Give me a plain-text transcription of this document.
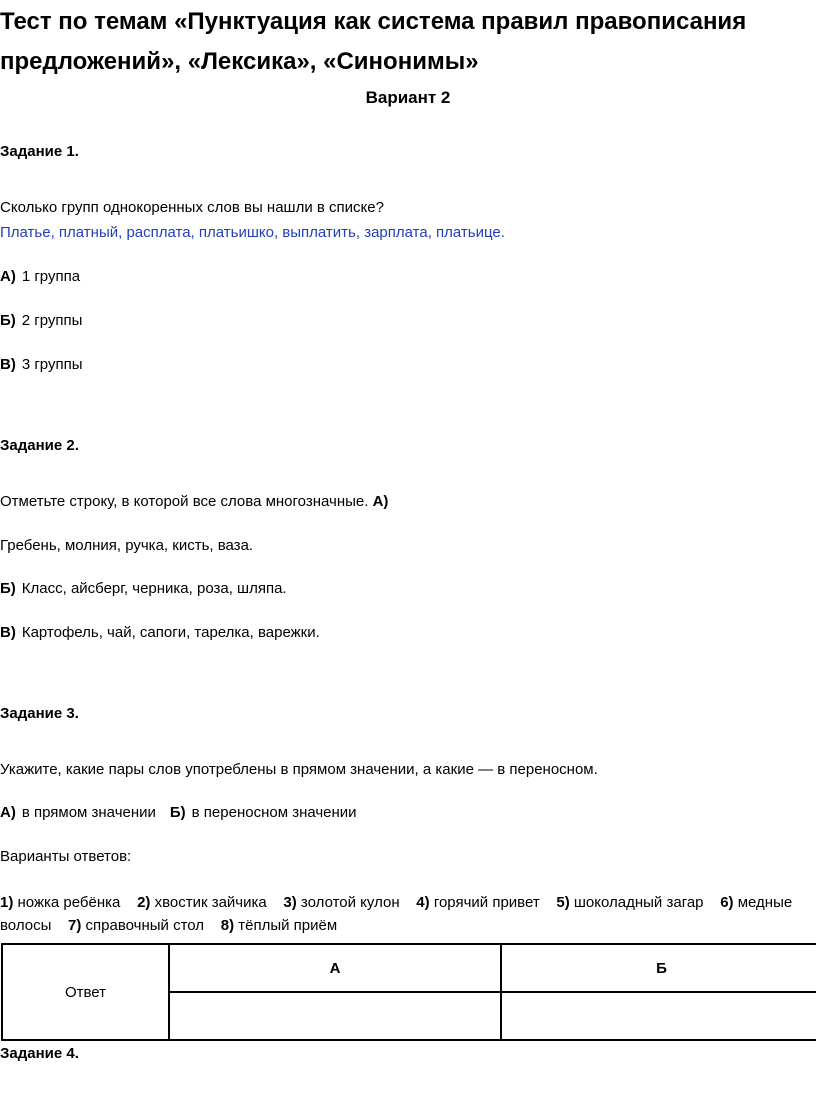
Тест по темам «Пунктуация как система правил правописания предложений», «Лексика», «Синонимы»
Вариант 2
Задание 1.
Сколько групп однокоренных слов вы нашли в списке?
Платье, платный, расплата, платьишко, выплатить, зарплата, платьице.
А) 1 группа
Б) 2 группы
В) 3 группы
Задание 2.
Отметьте строку, в которой все слова многозначные. А)
Гребень, молния, ручка, кисть, ваза.
Б) Класс, айсберг, черника, роза, шляпа.
В) Картофель, чай, сапоги, тарелка, варежки.
Задание 3.
Укажите, какие пары слов употреблены в прямом значении, а какие — в переносном.
А) в прямом значении Б) в переносном значении
Варианты ответов:
1) ножка ребёнка 2) хвостик зайчика 3) золотой кулон 4) горячий привет 5) шоколадный загар 6) медные волосы 7) справочный стол 8) тёплый приём
Ответ	А	Б

Задание 4.
